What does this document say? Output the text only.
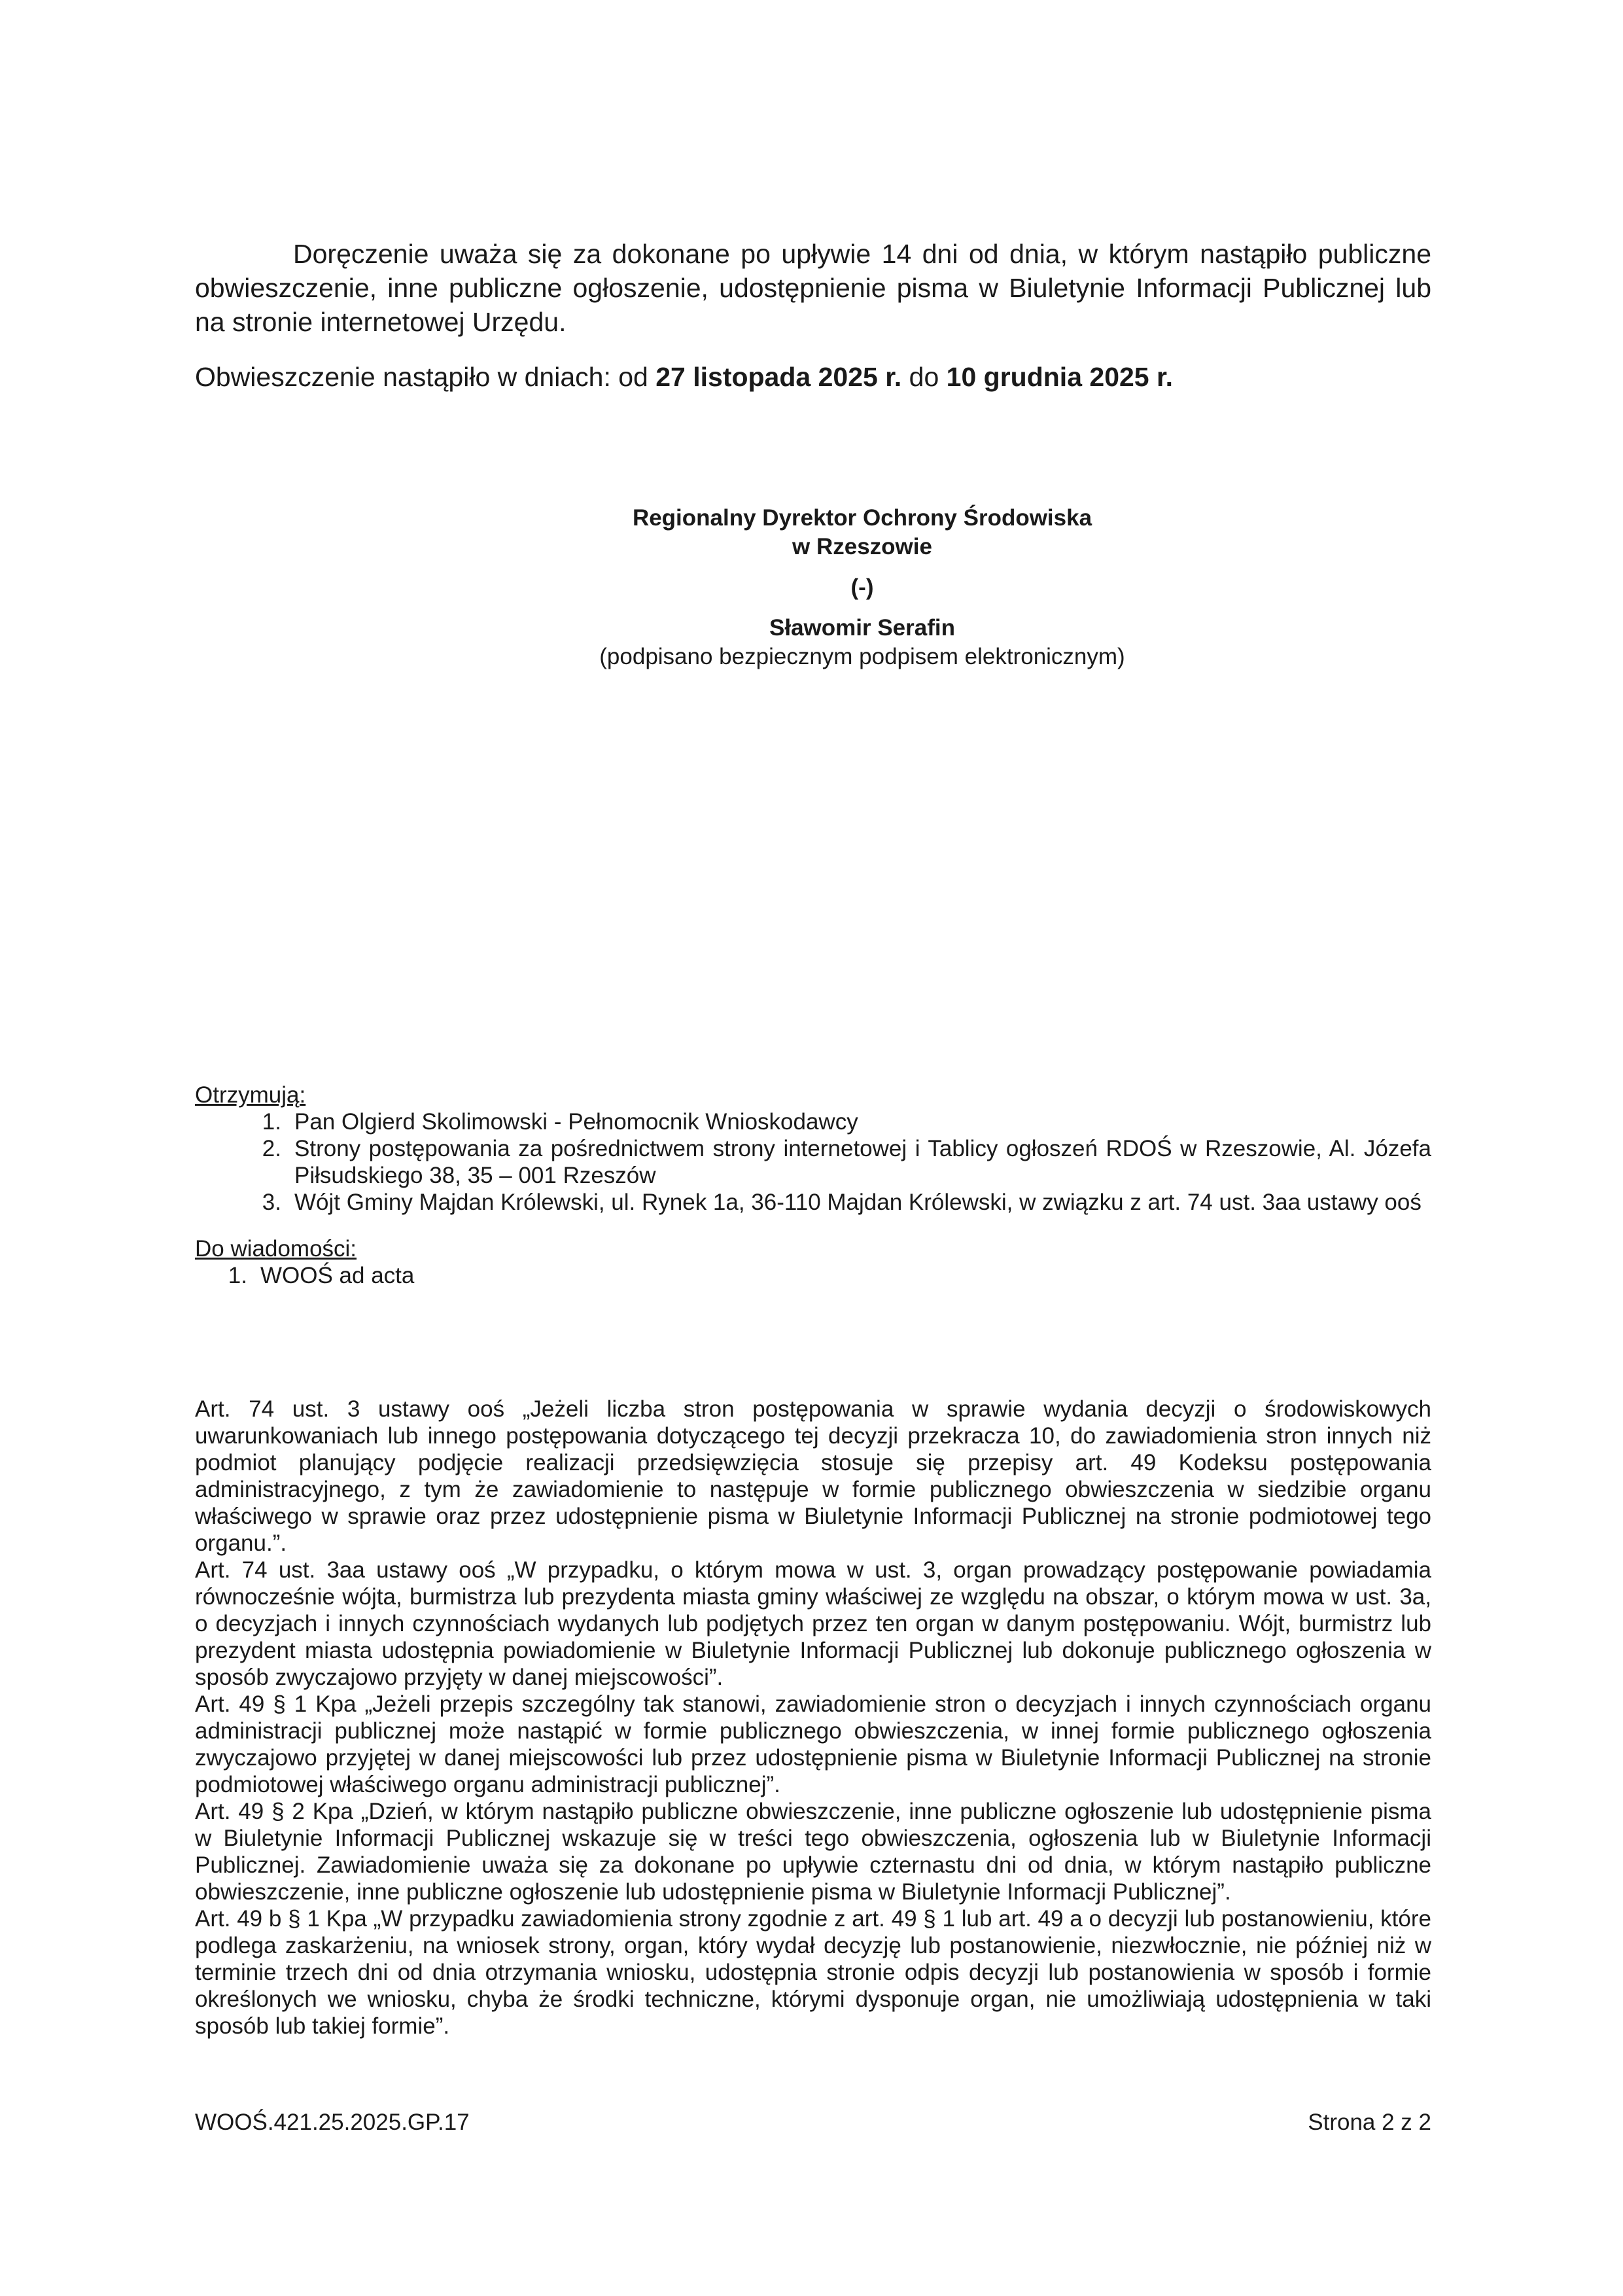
Doręczenie uważa się za dokonane po upływie 14 dni od dnia, w którym nastąpiło publiczne obwieszczenie, inne publiczne ogłoszenie, udostępnienie pisma w Biuletynie Informacji Publicznej lub na stronie internetowej Urzędu.

Obwieszczenie nastąpiło w dniach: od 27 listopada 2025 r. do 10 grudnia 2025 r.

Regionalny Dyrektor Ochrony Środowiska
w Rzeszowie
(-)
Sławomir Serafin
(podpisano bezpiecznym podpisem elektronicznym)
Otrzymują:
1. Pan Olgierd Skolimowski - Pełnomocnik Wnioskodawcy
2. Strony postępowania za pośrednictwem strony internetowej i Tablicy ogłoszeń RDOŚ w Rzeszowie, Al. Józefa Piłsudskiego 38, 35 – 001 Rzeszów
3. Wójt Gminy Majdan Królewski, ul. Rynek 1a, 36-110 Majdan Królewski, w związku z art. 74 ust. 3aa ustawy ooś
Do wiadomości:
1. WOOŚ ad acta

Art. 74 ust. 3 ustawy ooś „Jeżeli liczba stron postępowania w sprawie wydania decyzji o środowiskowych uwarunkowaniach lub innego postępowania dotyczącego tej decyzji przekracza 10, do zawiadomienia stron innych niż podmiot planujący podjęcie realizacji przedsięwzięcia stosuje się przepisy art. 49 Kodeksu postępowania administracyjnego, z tym że zawiadomienie to następuje w formie publicznego obwieszczenia w siedzibie organu właściwego w sprawie oraz przez udostępnienie pisma w Biuletynie Informacji Publicznej na stronie podmiotowej tego organu.”.

Art. 74 ust. 3aa ustawy ooś „W przypadku, o którym mowa w ust. 3, organ prowadzący postępowanie powiadamia równocześnie wójta, burmistrza lub prezydenta miasta gminy właściwej ze względu na obszar, o którym mowa w ust. 3a, o decyzjach i innych czynnościach wydanych lub podjętych przez ten organ w danym postępowaniu. Wójt, burmistrz lub prezydent miasta udostępnia powiadomienie w Biuletynie Informacji Publicznej lub dokonuje publicznego ogłoszenia w sposób zwyczajowo przyjęty w danej miejscowości”.

Art. 49 § 1 Kpa „Jeżeli przepis szczególny tak stanowi, zawiadomienie stron o decyzjach i innych czynnościach organu administracji publicznej może nastąpić w formie publicznego obwieszczenia, w innej formie publicznego ogłoszenia zwyczajowo przyjętej w danej miejscowości lub przez udostępnienie pisma w Biuletynie Informacji Publicznej na stronie podmiotowej właściwego organu administracji publicznej”.

Art. 49 § 2 Kpa „Dzień, w którym nastąpiło publiczne obwieszczenie, inne publiczne ogłoszenie lub udostępnienie pisma w Biuletynie Informacji Publicznej wskazuje się w treści tego obwieszczenia, ogłoszenia lub w Biuletynie Informacji Publicznej. Zawiadomienie uważa się za dokonane po upływie czternastu dni od dnia, w którym nastąpiło publiczne obwieszczenie, inne publiczne ogłoszenie lub udostępnienie pisma w Biuletynie Informacji Publicznej”.

Art. 49 b § 1 Kpa „W przypadku zawiadomienia strony zgodnie z art. 49 § 1 lub art. 49 a o decyzji lub postanowieniu, które podlega zaskarżeniu, na wniosek strony, organ, który wydał decyzję lub postanowienie, niezwłocznie, nie później niż w terminie trzech dni od dnia otrzymania wniosku, udostępnia stronie odpis decyzji lub postanowienia w sposób i formie określonych we wniosku, chyba że środki techniczne, którymi dysponuje organ, nie umożliwiają udostępnienia w taki sposób lub takiej formie”.

WOOŚ.421.25.2025.GP.17	Strona 2 z 2
